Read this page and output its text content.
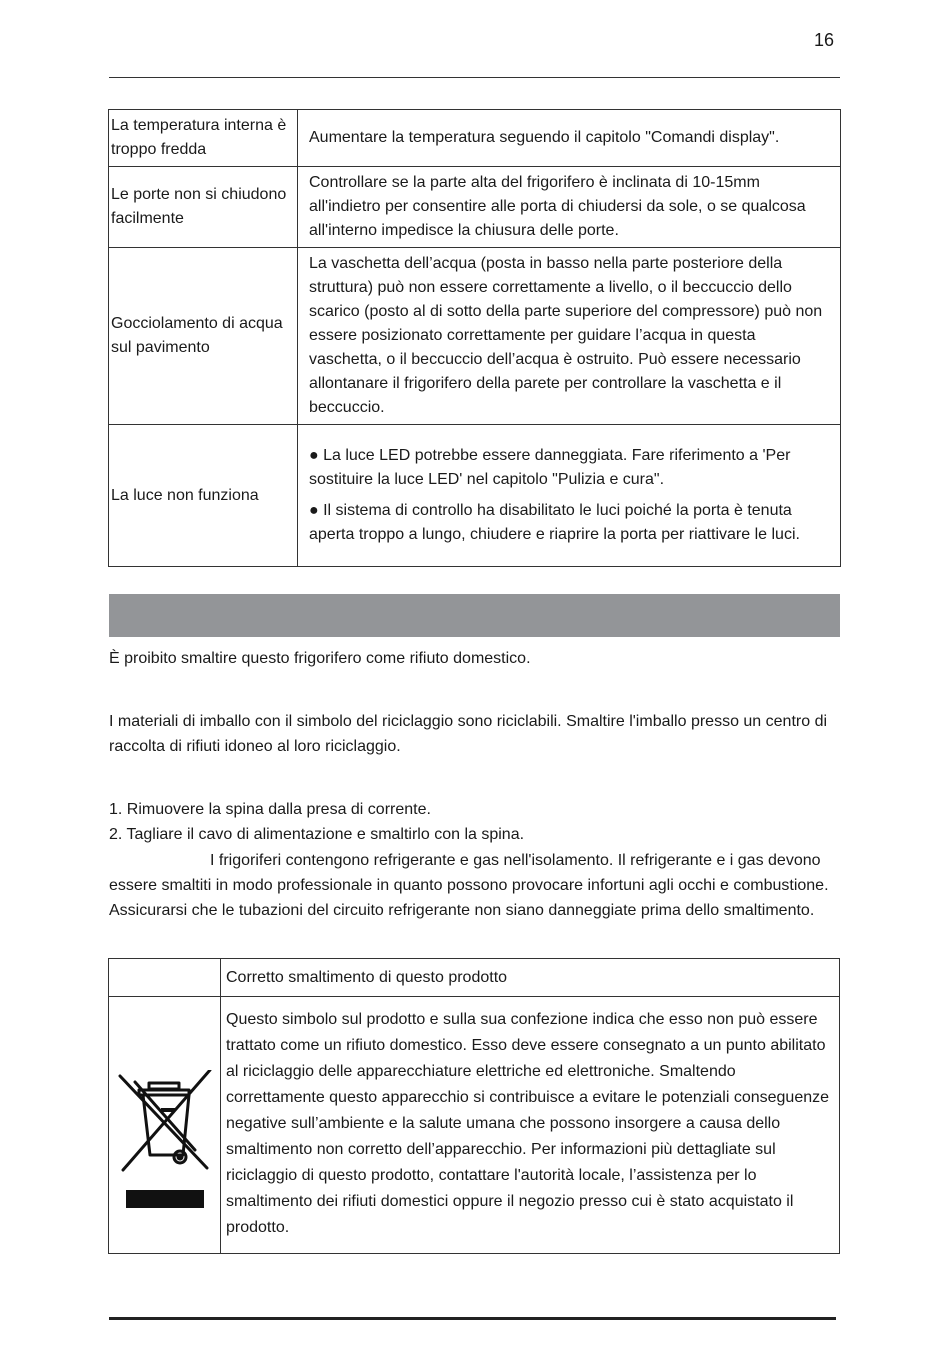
16
La temperatura interna è troppo fredda	Aumentare la temperatura seguendo il capitolo "Comandi display".
Le porte non si chiudono facilmente	Controllare se la parte alta del frigorifero è inclinata di 10-15mm all'indietro per consentire alle porta di chiudersi da sole, o se qualcosa all'interno impedisce la chiusura delle porte.
Gocciolamento di acqua sul pavimento	La vaschetta dell’acqua (posta in basso nella parte posteriore della struttura) può non essere correttamente a livello, o il beccuccio dello scarico (posto al di sotto della parte superiore del compressore) può non essere posizionato correttamente per guidare l’acqua in questa vaschetta, o il beccuccio dell’acqua è ostruito. Può essere necessario allontanare il frigorifero della parete per controllare la vaschetta e il beccuccio.
La luce non funziona	● La luce LED potrebbe essere danneggiata. Fare riferimento a 'Per sostituire la luce LED' nel capitolo "Pulizia e cura".

● Il sistema di controllo ha disabilitato le luci poiché la porta è tenuta aperta troppo a lungo, chiudere e riaprire la porta per riattivare le luci.

È proibito smaltire questo frigorifero come rifiuto domestico.

I materiali di imballo con il simbolo del riciclaggio sono riciclabili. Smaltire l'imballo presso un centro di raccolta di rifiuti idoneo al loro riciclaggio.

1. Rimuovere la spina dalla presa di corrente.
2. Tagliare il cavo di alimentazione e smaltirlo con la spina.

I frigoriferi contengono refrigerante e gas nell'isolamento. Il refrigerante e i gas devono essere smaltiti in modo professionale in quanto possono provocare infortuni agli occhi e combustione. Assicurarsi che le tubazioni del circuito refrigerante non siano danneggiate prima dello smaltimento.

	Corretto smaltimento di questo prodotto

	Questo simbolo sul prodotto e sulla sua confezione indica che esso non può essere trattato come un rifiuto domestico. Esso deve essere consegnato a un punto abilitato al riciclaggio delle apparecchiature elettriche ed elettroniche. Smaltendo correttamente questo apparecchio si contribuisce a evitare le potenziali conseguenze negative sull’ambiente e la salute umana che possono insorgere a causa dello smaltimento non corretto dell’apparecchio. Per informazioni più dettagliate sul riciclaggio di questo prodotto, contattare l'autorità locale, l’assistenza per lo smaltimento dei rifiuti domestici oppure il negozio presso cui è stato acquistato il prodotto.
